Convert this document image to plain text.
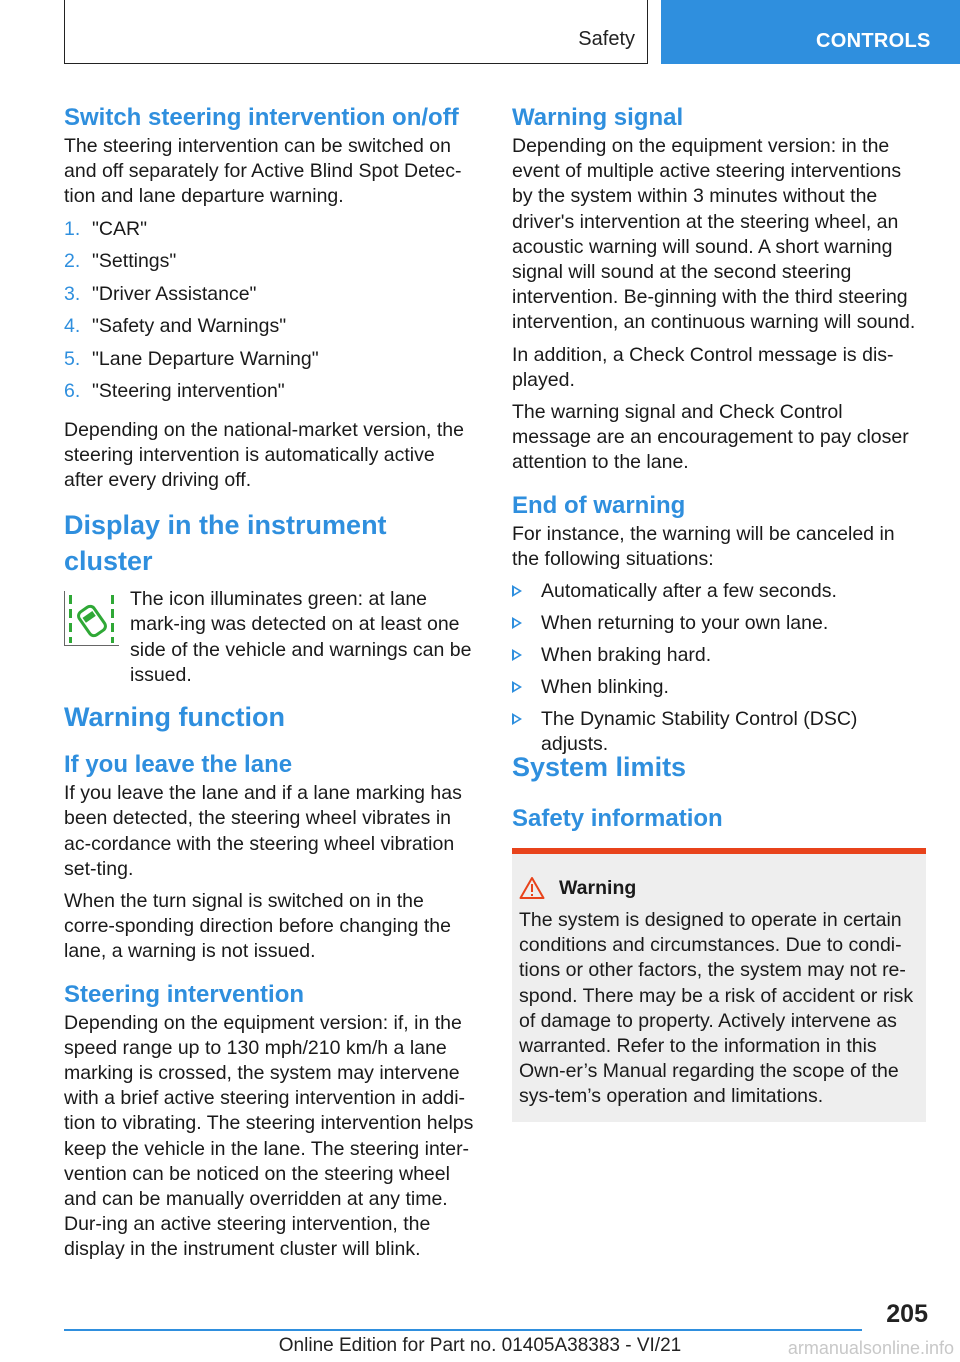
Safety	CONTROLS
Switch steering intervention on/off

The steering intervention can be switched on and off separately for Active Blind Spot Detec-tion and lane departure warning.

1. "CAR"
2. "Settings"
3. "Driver Assistance"
4. "Safety and Warnings"
5. "Lane Departure Warning"
6. "Steering intervention"

Depending on the national-market version, the steering intervention is automatically active after every driving off.

Display in the instrument cluster

The icon illuminates green: at lane mark-ing was detected on at least one side of the vehicle and warnings can be issued.

Warning function
If you leave the lane

If you leave the lane and if a lane marking has been detected, the steering wheel vibrates in ac-cordance with the steering wheel vibration set-ting.

When the turn signal is switched on in the corre-sponding direction before changing the lane, a warning is not issued.

Steering intervention

Depending on the equipment version: if, in the speed range up to 130 mph/210 km/h a lane marking is crossed, the system may intervene with a brief active steering intervention in addi-tion to vibrating. The steering intervention helps keep the vehicle in the lane. The steering inter-vention can be noticed on the steering wheel and can be manually overridden at any time. Dur-ing an active steering intervention, the display in the instrument cluster will blink.

Warning signal

Depending on the equipment version: in the event of multiple active steering interventions by the system within 3 minutes without the driver's intervention at the steering wheel, an acoustic warning will sound. A short warning signal will sound at the second steering intervention. Be-ginning with the third steering intervention, an continuous warning will sound.

In addition, a Check Control message is dis-played.

The warning signal and Check Control message are an encouragement to pay closer attention to the lane.

End of warning

For instance, the warning will be canceled in the following situations:

Automatically after a few seconds.
When returning to your own lane.
When braking hard.
When blinking.
The Dynamic Stability Control (DSC) adjusts.
System limits
Safety information
Warning

The system is designed to operate in certain conditions and circumstances. Due to condi-tions or other factors, the system may not re-spond. There may be a risk of accident or risk of damage to property. Actively intervene as warranted. Refer to the information in this Own-er’s Manual regarding the scope of the sys-tem’s operation and limitations.

205
Online Edition for Part no. 01405A38383 - VI/21	armanualsonline.info
